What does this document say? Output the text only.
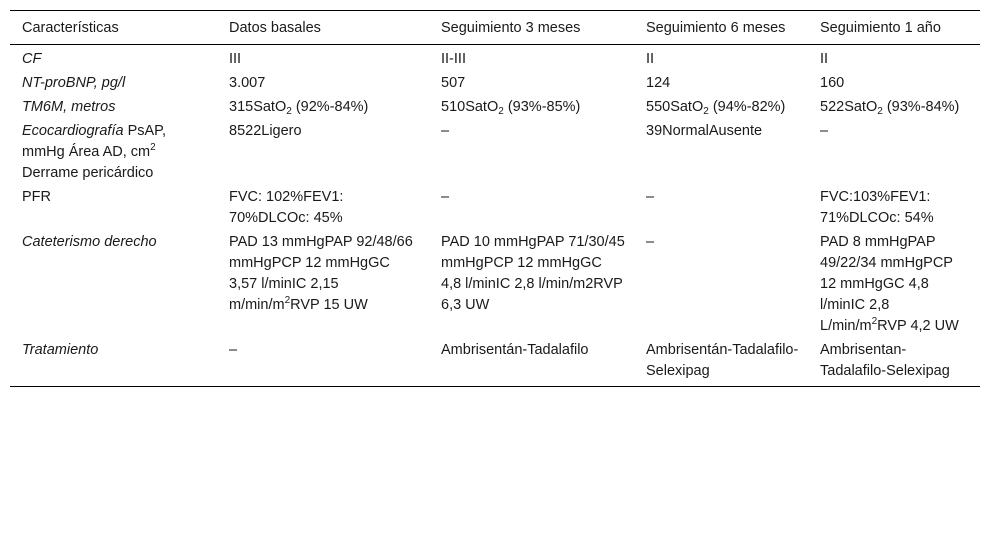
Características	Datos basales	Seguimiento 3 meses	Seguimiento 6 meses	Seguimiento 1 año
CF	III	II-III	II	II
NT-proBNP, pg/l	3.007	507	124	160
TM6M, metros	315SatO$_2$ (92%-84%)	510SatO$_2$ (93%-85%)	550SatO$_2$ (94%-82%)	522SatO$_2$ (93%-84%)
Ecocardiografía PsAP, mmHg Área AD, $cm^2$ Derrame pericárdico	8522Ligero	–	39NormalAusente	–
PFR	FVC: 102%FEV1: 70%DLCOc: 45%	–	–	FVC:103%FEV1: 71%DLCOc: 54%
Cateterismo derecho	PAD 13 mmHgPAP 92/48/66 mmHgPCP 12 mmHgGC 3,57 l/minIC 2,15 $m/\min/m^2RVP$ 15 UW	PAD 10 mmHgPAP 71/30/45 mmHgPCP 12 mmHgGC 4,8 l/minIC 2,8 l/min/m2RVP 6,3 UW	–	PAD 8 mmHgPAP 49/22/34 mmHgPCP 12 mmHgGC 4,8 l/minIC 2,8 $L/\min/m^2RVP$ 4,2 UW
Tratamiento	–	Ambrisentán-Tadalafilo	Ambrisentán-Tadalafilo-Selexipag	Ambrisentan-Tadalafilo-Selexipag
